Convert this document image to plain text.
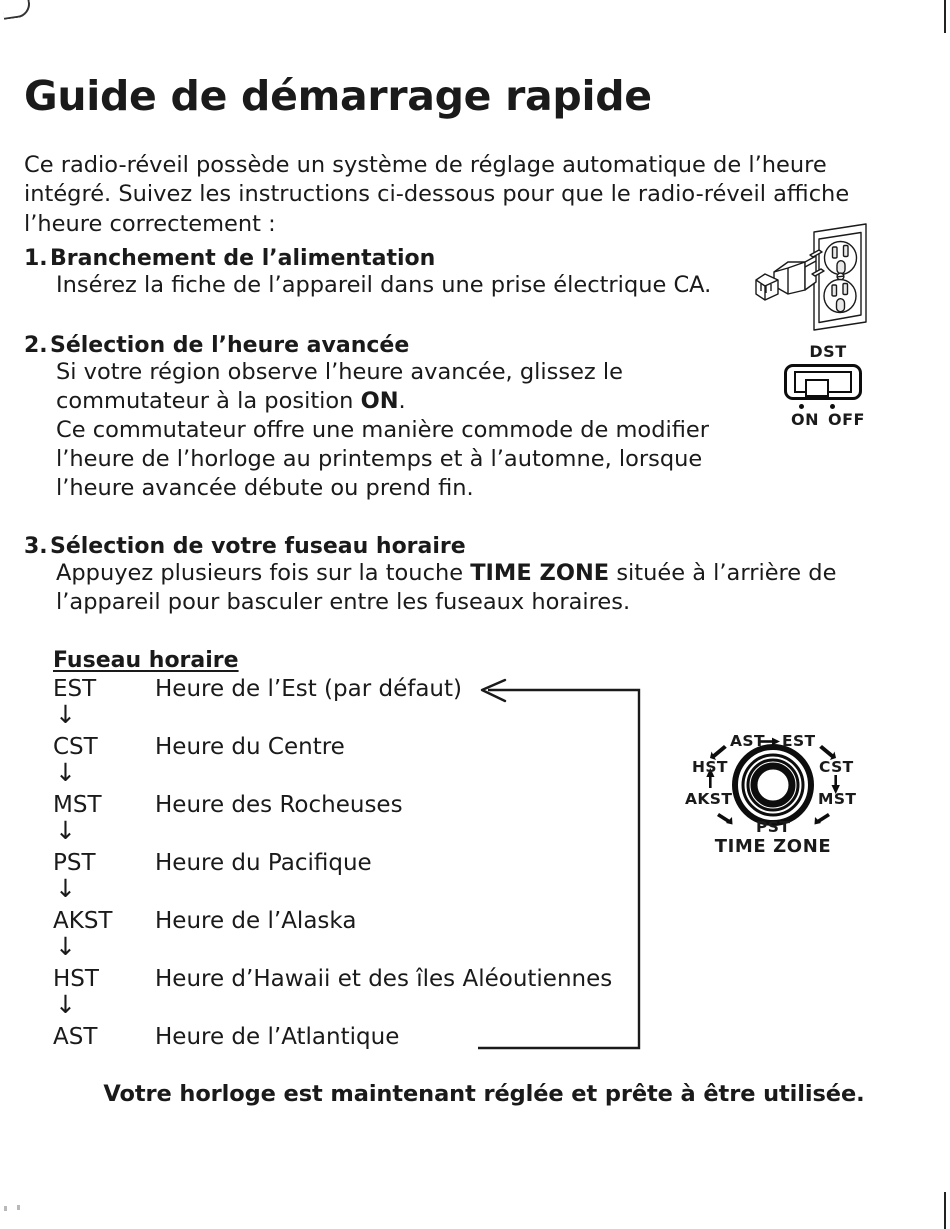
Guide de démarrage rapide

Ce radio-réveil possède un système de réglage automatique de l’heure intégré. Suivez les instructions ci-dessous pour que le radio-réveil affiche l’heure correctement :

1. Branchement de l’alimentation
Insérez la fiche de l’appareil dans une prise électrique CA.
2. Sélection de l’heure avancée
Si votre région observe l’heure avancée, glissez le commutateur à la position ON.
Ce commutateur offre une manière commode de modifier l’heure de l’horloge au printemps et à l’automne, lorsque l’heure avancée débute ou prend fin.
3. Sélection de votre fuseau horaire
Appuyez plusieurs fois sur la touche TIME ZONE située à l’arrière de l’appareil pour basculer entre les fuseaux horaires.
Fuseau horaire
EST	Heure de l’Est (par défaut)
↓
CST Heure du Centre
↓
MST Heure des Rocheuses
↓
PST	Heure du Pacifique
↓
AKST Heure de l’Alaska
↓
HST Heure d’Hawaii et des îles Aléoutiennes
↓
AST	Heure de l’Atlantique
Votre horloge est maintenant réglée et prête à être utilisée.
DST
ON OFF
AST EST
CST
MST
PST
AKST
HST
TIME ZONE
